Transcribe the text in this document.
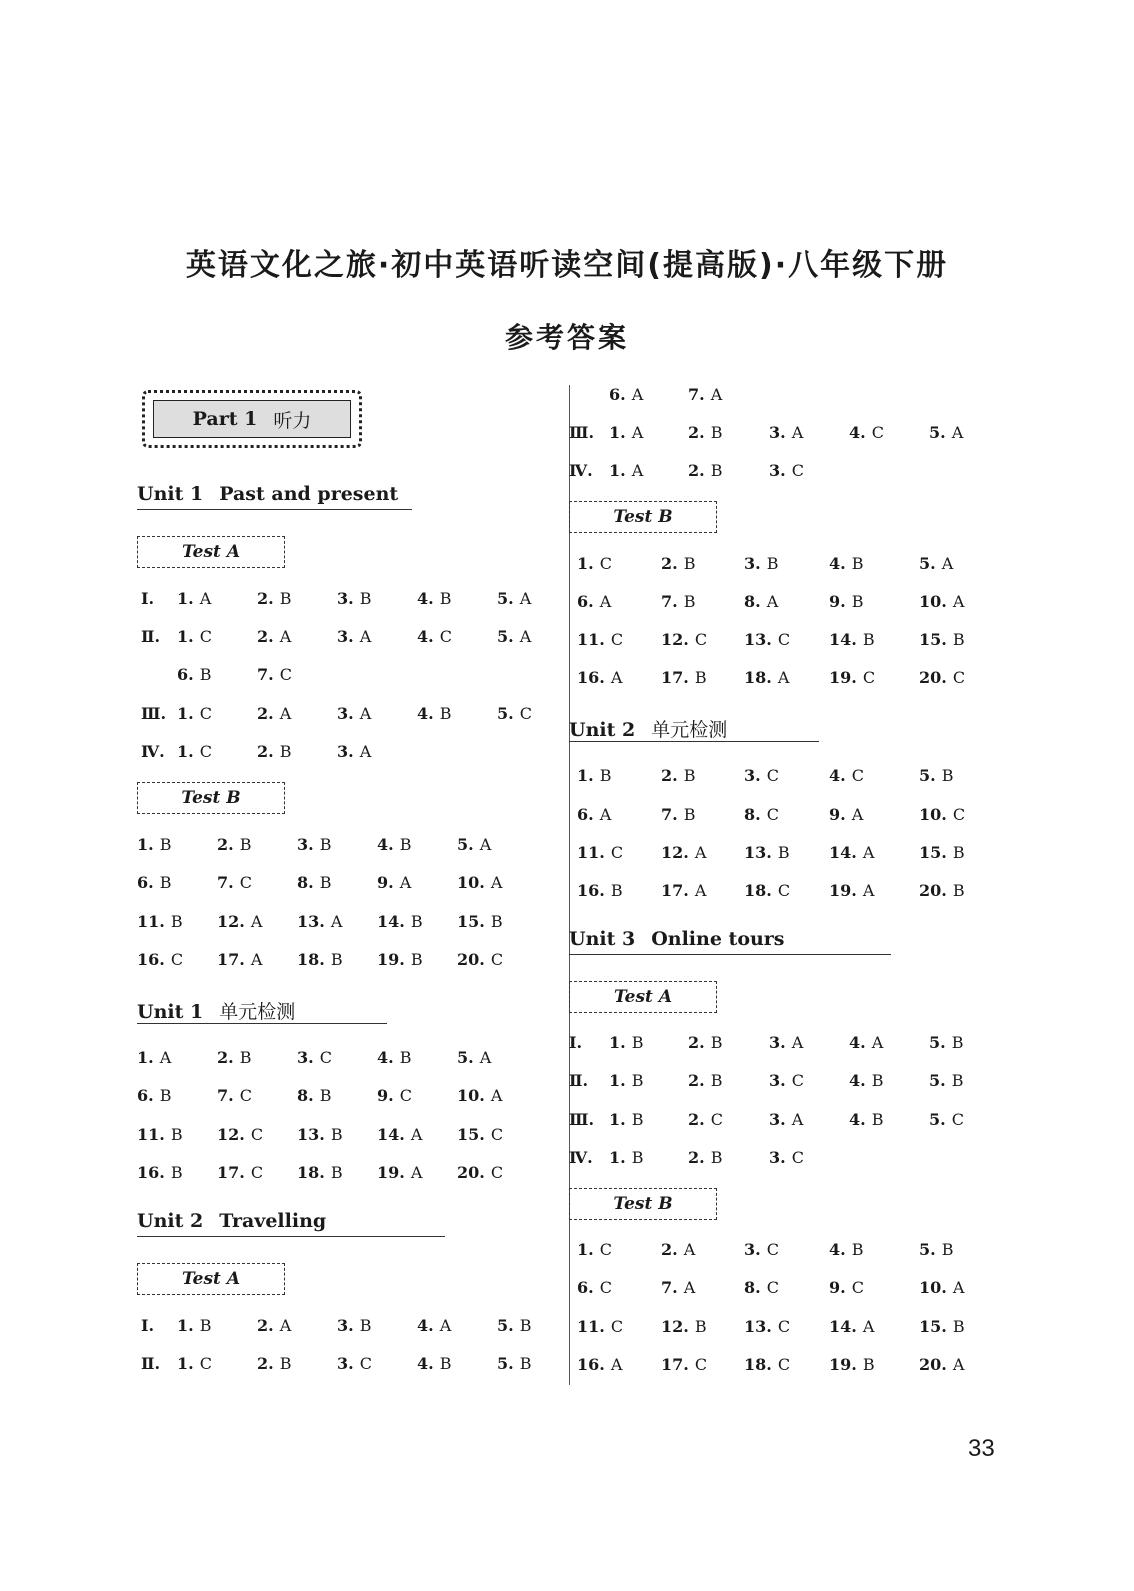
英语文化之旅·初中英语听读空间(提高版)·八年级下册
参考答案
Part 1 听力
Unit 1 Past and present
Test A
Ⅰ. 1. A	2. B	3. B	4. B	5. A
Ⅱ. 1. C	2. A	3. A	4. C	5. A
6. B	7. C
Ⅲ. 1. C	2. A	3. A	4. B	5. C
Ⅳ. 1. C	2. B	3. A
Test B
1. B	2. B	3. B	4. B	5. A
6. B	7. C	8. B	9. A	10. A
11. B 12. A 13. A 14. B 15. B
16. C 17. A 18. B 19. B 20. C
Unit 1 单元检测
1. A	2. B	3. C	4. B	5. A
6. B	7. C	8. B	9. C	10. A
11. B 12. C 13. B 14. A 15. C
16. B 17. C 18. B 19. A 20. C
Unit 2 Travelling
Test A
Ⅰ. 1. B	2. A	3. B	4. A	5. B
Ⅱ. 1. C	2. B	3. C	4. B	5. B
6. A	7. A
Ⅲ. 1. A	2. B	3. A	4. C	5. A
Ⅳ. 1. A	2. B	3. C
Test B
1. C	2. B	3. B	4. B	5. A
6. A	7. B	8. A	9. B	10. A
11. C 12. C 13. C 14. B	15. B
16. A 17. B 18. A 19. C	20. C
Unit 2 单元检测
1. B	2. B	3. C	4. C	5. B
6. A	7. B	8. C	9. A	10. C
11. C 12. A 13. B 14. A	15. B
16. B 17. A 18. C 19. A	20. B
Unit 3 Online tours
Test A
Ⅰ. 1. B	2. B	3. A	4. A	5. B
Ⅱ. 1. B	2. B	3. C	4. B	5. B
Ⅲ. 1. B	2. C	3. A	4. B	5. C
Ⅳ. 1. B	2. B	3. C
Test B
1. C	2. A	3. C	4. B	5. B
6. C	7. A	8. C	9. C	10. A
11. C 12. B 13. C 14. A	15. B
16. A 17. C 18. C 19. B	20. A
33
